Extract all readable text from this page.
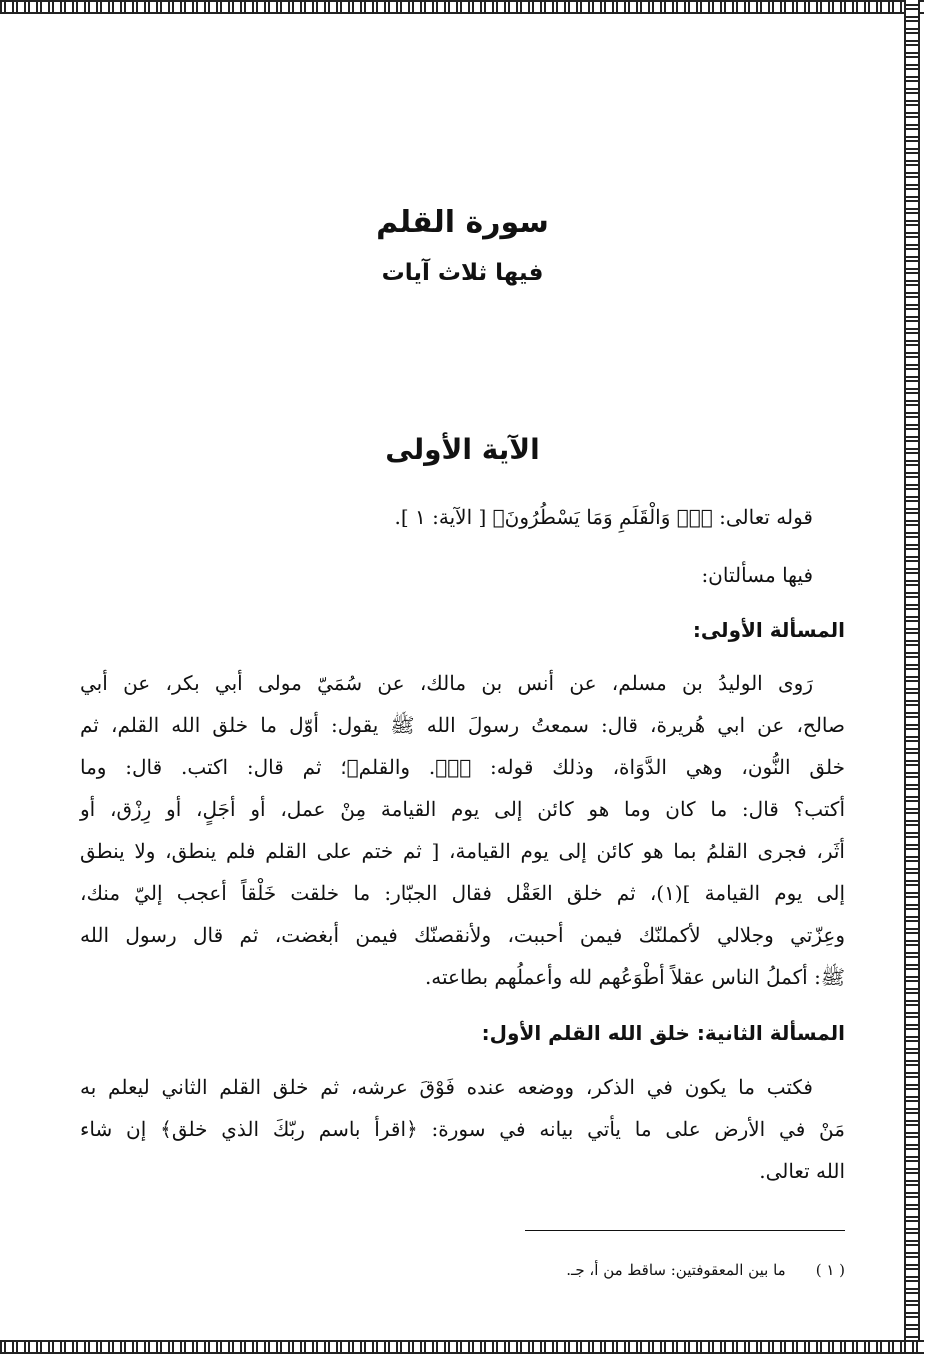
سورة القلم
فيها ثلاث آيات
الآية الأولى
قوله تعالى: ﴿نۤ وَالْقَلَمِ وَمَا يَسْطُرُونَ﴾ [ الآية: ١ ].
فيها مسألتان:
المسألة الأولى:
رَوى الوليدُ بن مسلم، عن أنس بن مالك، عن سُمَيّ مولى أبي بكر، عن أبي
صالح، عن ابي هُريرة، قال: سمعتُ رسولَ الله ﷺ يقول: أوّل ما خلق الله القلم، ثم
خلق النُّون، وهي الدَّوَاة، وذلك قوله: ﴿نۤ. والقلم﴾؛ ثم قال: اكتب. قال: وما
أكتب؟ قال: ما كان وما هو كائن إلى يوم القيامة مِنْ عمل، أو أجَلٍ، أو رِزْق، أو
أثَر، فجرى القلمُ بما هو كائن إلى يوم القيامة، [ ثم ختم على القلم فلم ينطق، ولا ينطق
إلى يوم القيامة ](١)، ثم خلق العَقْل فقال الجبّار: ما خلقت خَلْقاً أعجب إليّ منك،
وعِزّتي وجلالي لأكملنّك فيمن أحببت، ولأنقصنّك فيمن أبغضت، ثم قال رسول الله
ﷺ: أكملُ الناس عقلاً أطْوَعُهم لله وأعملُهم بطاعته.
المسألة الثانية: خلق الله القلم الأول:
فكتب ما يكون في الذكر، ووضعه عنده فَوْقَ عرشه، ثم خلق القلم الثاني ليعلم به
مَنْ في الأرض على ما يأتي بيانه في سورة: ﴿اقرأ باسم ربّكَ الذي خلق﴾ إن شاء
الله تعالى.
( ١ )ما بين المعقوفتين: ساقط من أ، جـ.
